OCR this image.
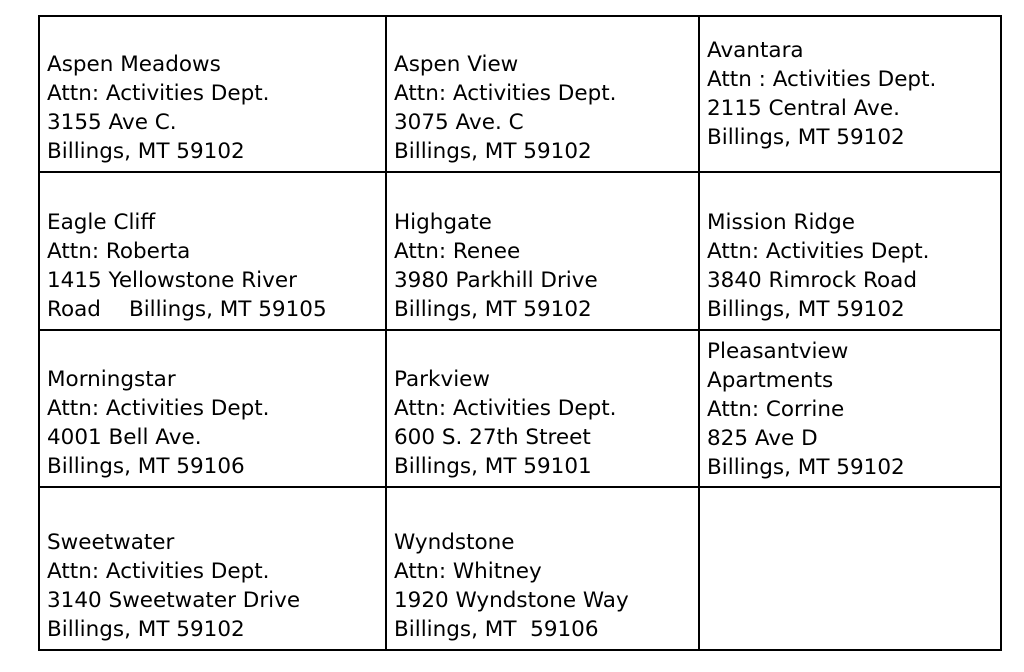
Aspen Meadows
Attn: Activities Dept.
3155 Ave C.
Billings, MT 59102	Aspen View
Attn: Activities Dept.
3075 Ave. C
Billings, MT 59102	Avantara
Attn : Activities Dept.
2115 Central Ave.
Billings, MT 59102

Eagle Cliff
Attn: Roberta
1415 Yellowstone River
Road Billings, MT 59105	Highgate
Attn: Renee
3980 Parkhill Drive
Billings, MT 59102	Mission Ridge
Attn: Activities Dept.
3840 Rimrock Road
Billings, MT 59102

Morningstar
Attn: Activities Dept.
4001 Bell Ave.
Billings, MT 59106	Parkview
Attn: Activities Dept.
600 S. 27th Street
Billings, MT 59101	Pleasantview
Apartments
Attn: Corrine
825 Ave D
Billings, MT 59102

Sweetwater
Attn: Activities Dept.
3140 Sweetwater Drive
Billings, MT 59102	Wyndstone
Attn: Whitney
1920 Wyndstone Way
Billings, MT  59106	
